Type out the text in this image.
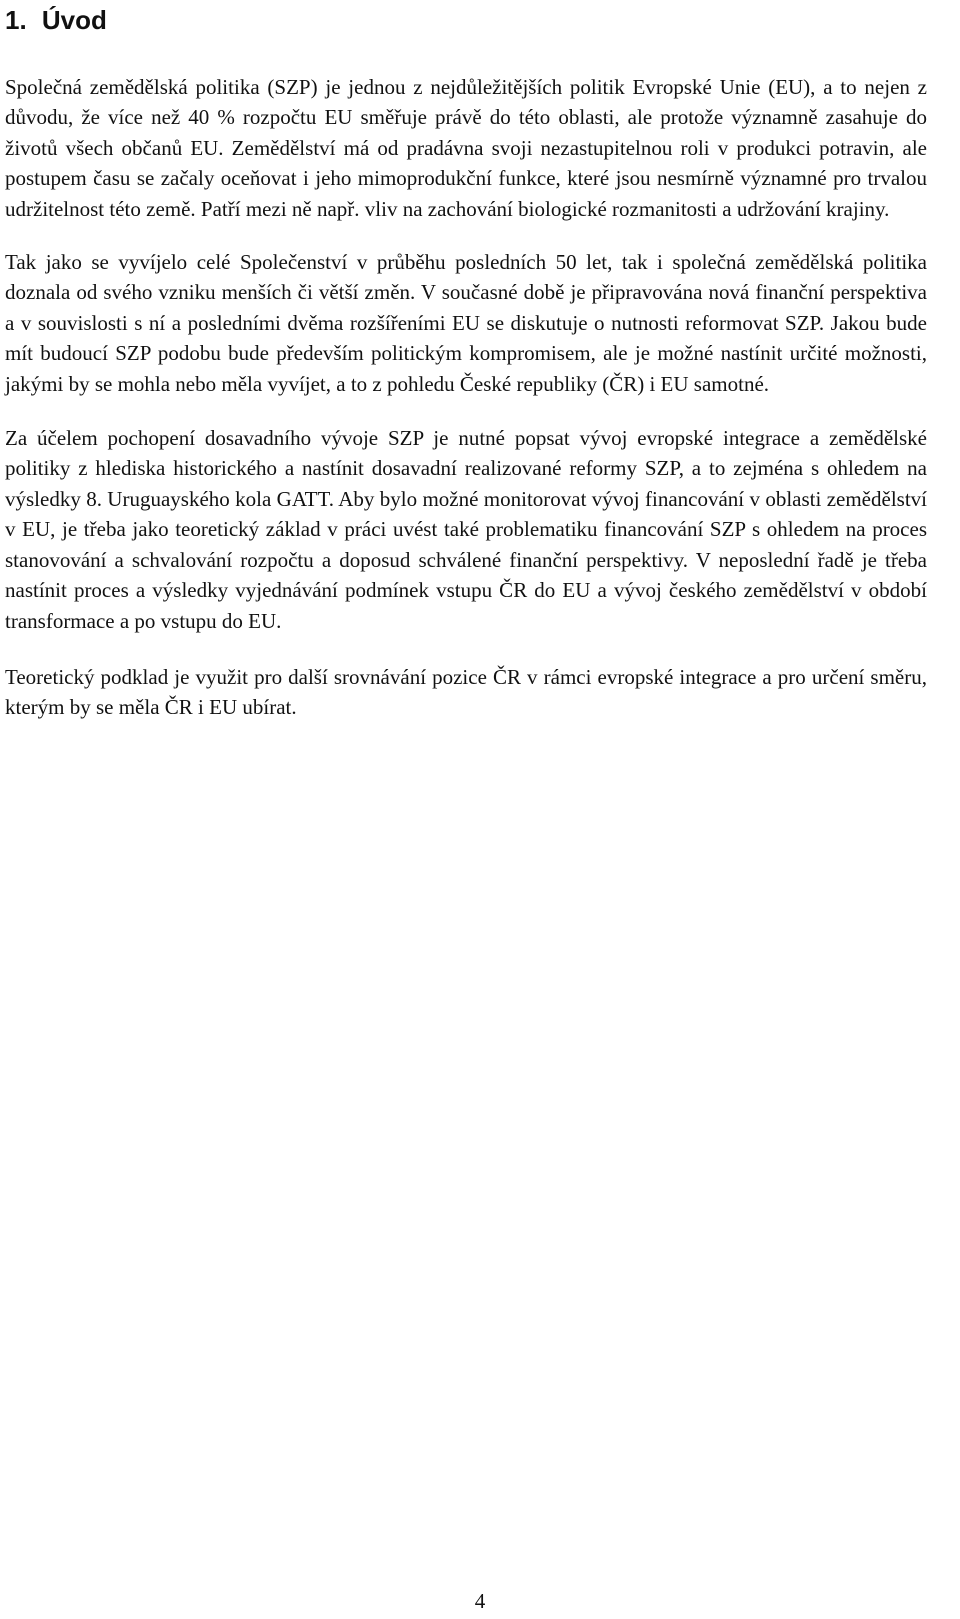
1. Úvod

Společná zemědělská politika (SZP) je jednou z nejdůležitějších politik Evropské Unie (EU), a to nejen z důvodu, že více než 40 % rozpočtu EU směřuje právě do této oblasti, ale protože významně zasahuje do životů všech občanů EU. Zemědělství má od pradávna svoji nezastupitelnou roli v produkci potravin, ale postupem času se začaly oceňovat i jeho mimoprodukční funkce, které jsou nesmírně významné pro trvalou udržitelnost této země. Patří mezi ně např. vliv na zachování biologické rozmanitosti a udržování krajiny.

Tak jako se vyvíjelo celé Společenství v průběhu posledních 50 let, tak i společná zemědělská politika doznala od svého vzniku menších či větší změn. V současné době je připravována nová finanční perspektiva a v souvislosti s ní a posledními dvěma rozšířeními EU se diskutuje o nutnosti reformovat SZP. Jakou bude mít budoucí SZP podobu bude především politickým kompromisem, ale je možné nastínit určité možnosti, jakými by se mohla nebo měla vyvíjet, a to z pohledu České republiky (ČR) i EU samotné.

Za účelem pochopení dosavadního vývoje SZP je nutné popsat vývoj evropské integrace a zemědělské politiky z hlediska historického a nastínit dosavadní realizované reformy SZP, a to zejména s ohledem na výsledky 8. Uruguayského kola GATT. Aby bylo možné monitorovat vývoj financování v oblasti zemědělství v EU, je třeba jako teoretický základ v práci uvést také problematiku financování SZP s ohledem na proces stanovování a schvalování rozpočtu a doposud schválené finanční perspektivy. V neposlední řadě je třeba nastínit proces a výsledky vyjednávání podmínek vstupu ČR do EU a vývoj českého zemědělství v období transformace a po vstupu do EU.

Teoretický podklad je využit pro další srovnávání pozice ČR v rámci evropské integrace a pro určení směru, kterým by se měla ČR i EU ubírat.

4
